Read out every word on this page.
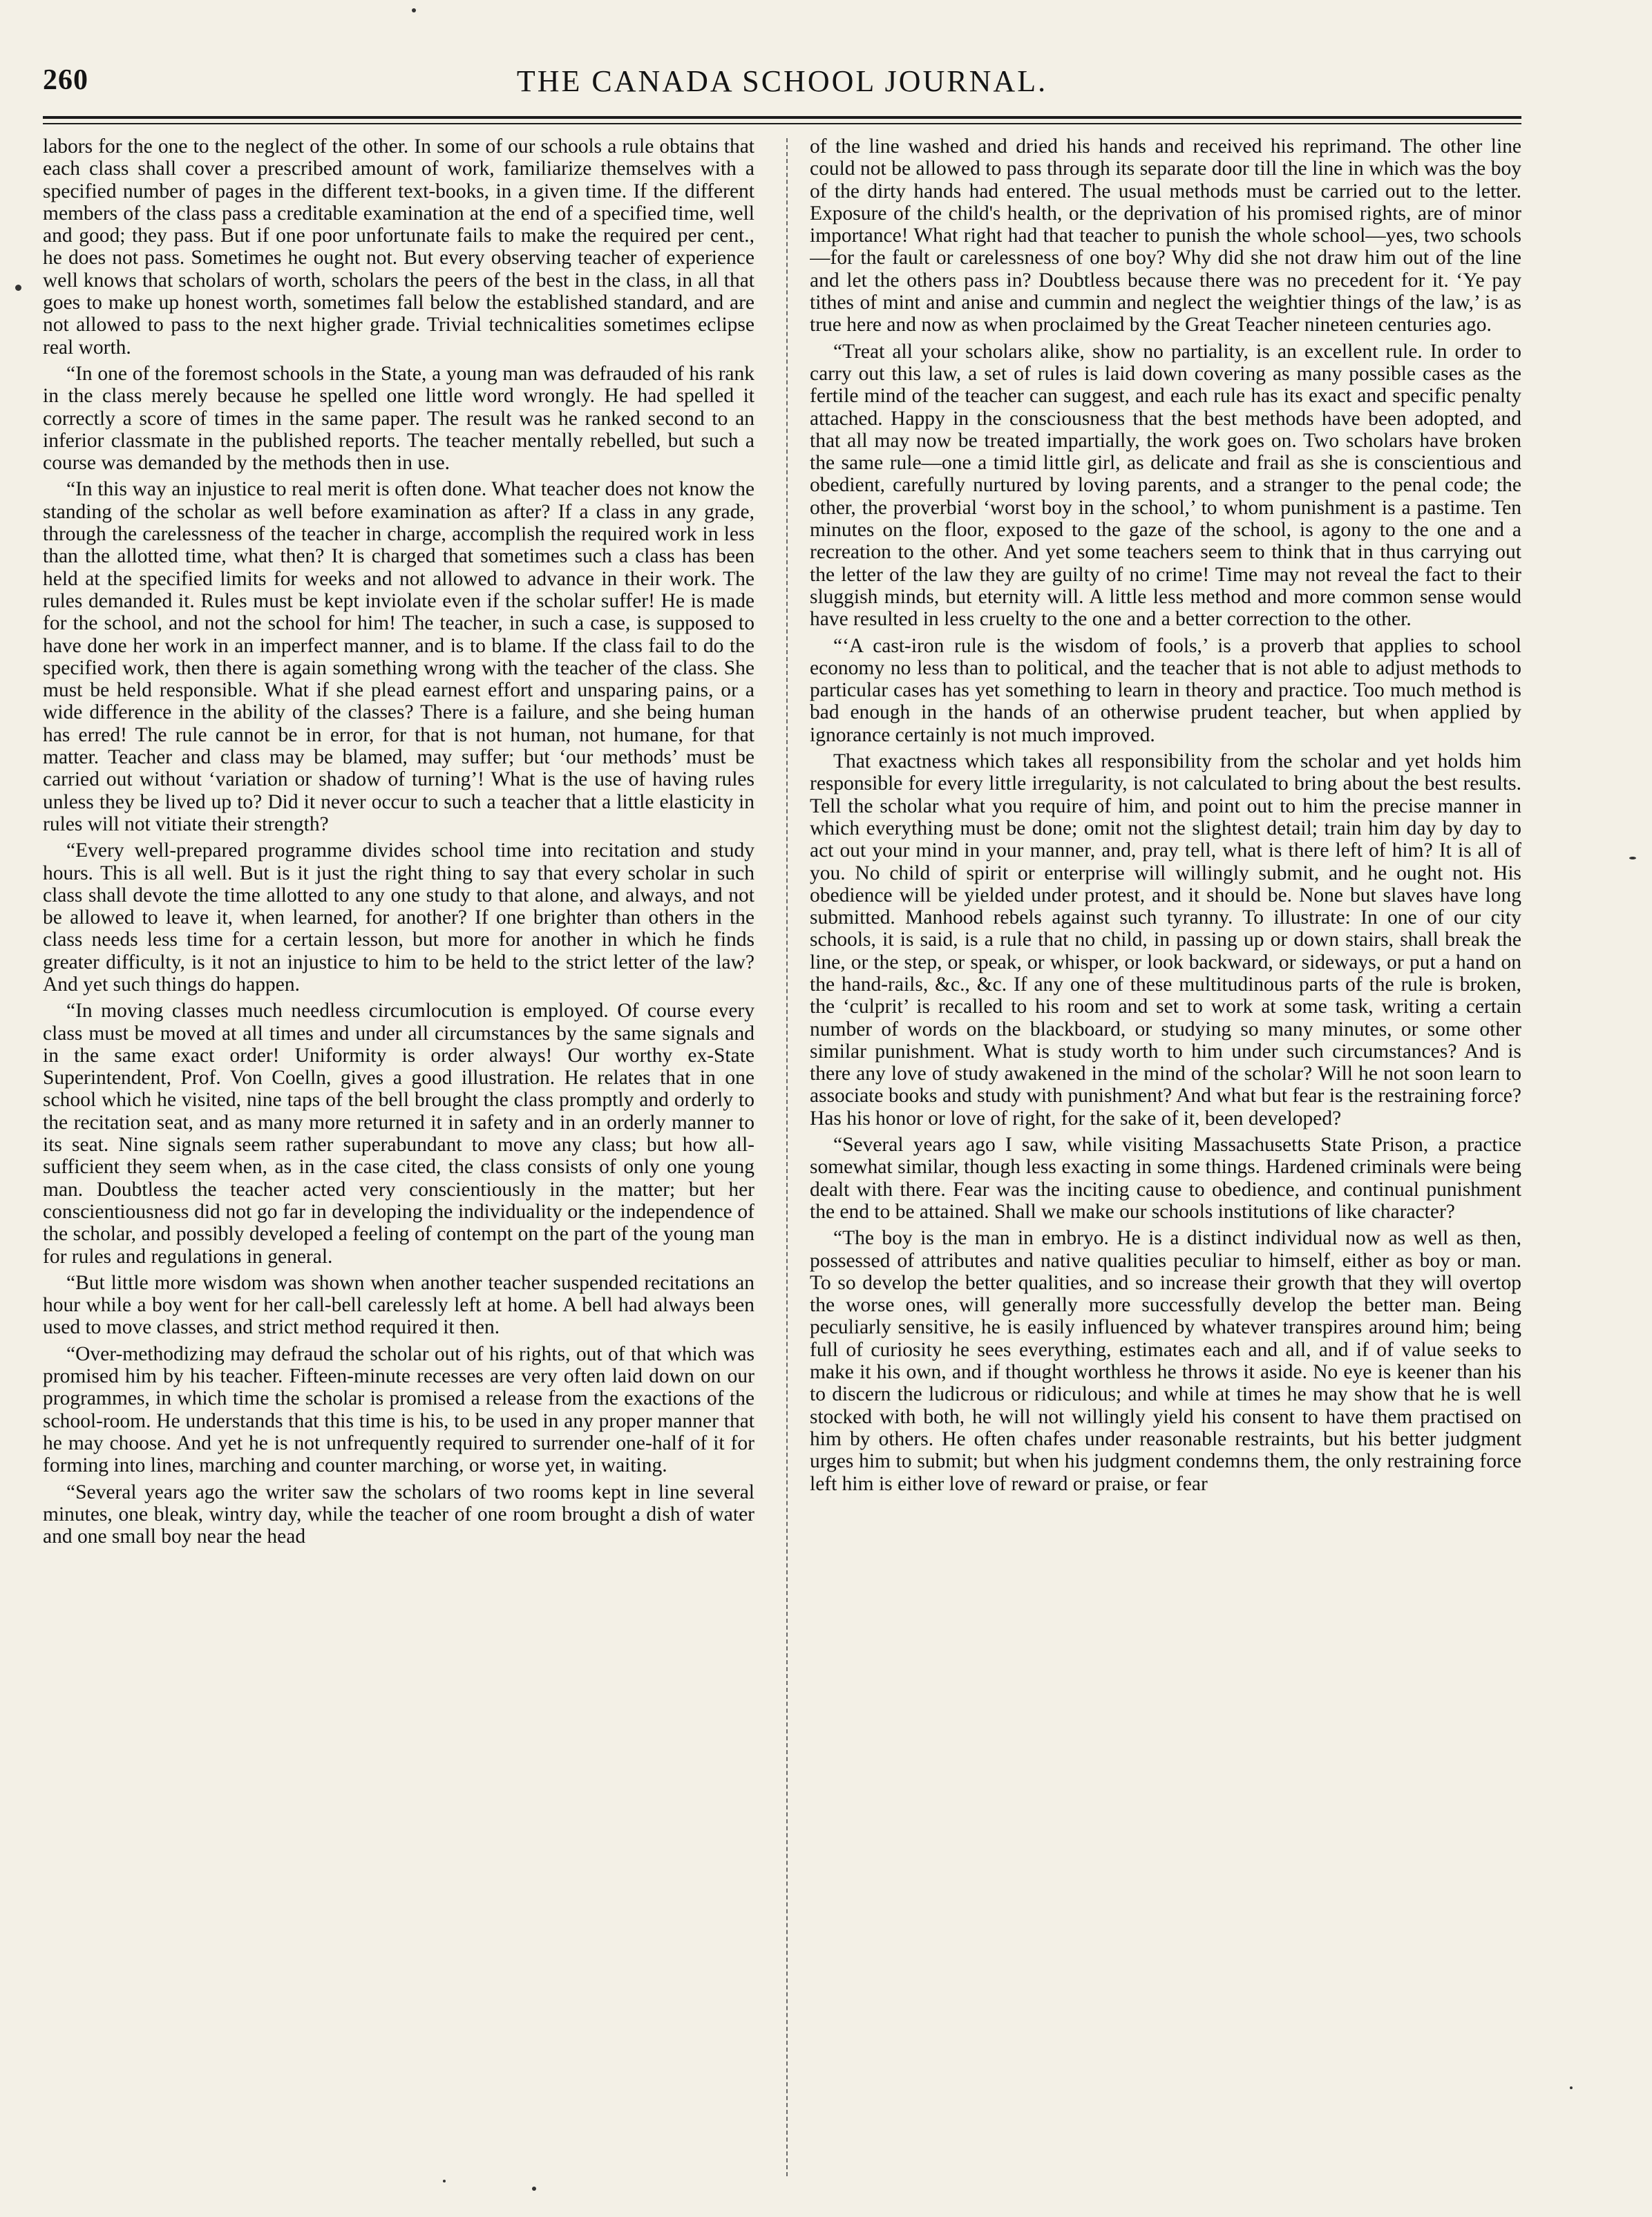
260	THE CANADA SCHOOL JOURNAL.

labors for the one to the neglect of the other. In some of our schools a rule obtains that each class shall cover a prescribed amount of work, familiarize themselves with a specified number of pages in the different text-books, in a given time. If the different members of the class pass a creditable examination at the end of a specified time, well and good; they pass. But if one poor unfortunate fails to make the required per cent., he does not pass. Sometimes he ought not. But every observing teacher of experience well knows that scholars of worth, scholars the peers of the best in the class, in all that goes to make up honest worth, sometimes fall below the established standard, and are not allowed to pass to the next higher grade. Trivial technicalities sometimes eclipse real worth.

“In one of the foremost schools in the State, a young man was defrauded of his rank in the class merely because he spelled one little word wrongly. He had spelled it correctly a score of times in the same paper. The result was he ranked second to an inferior classmate in the published reports. The teacher mentally rebelled, but such a course was demanded by the methods then in use.

“In this way an injustice to real merit is often done. What teacher does not know the standing of the scholar as well before examination as after? If a class in any grade, through the carelessness of the teacher in charge, accomplish the required work in less than the allotted time, what then? It is charged that sometimes such a class has been held at the specified limits for weeks and not allowed to advance in their work. The rules demanded it. Rules must be kept inviolate even if the scholar suffer! He is made for the school, and not the school for him! The teacher, in such a case, is supposed to have done her work in an imperfect manner, and is to blame. If the class fail to do the specified work, then there is again something wrong with the teacher of the class. She must be held responsible. What if she plead earnest effort and unsparing pains, or a wide difference in the ability of the classes? There is a failure, and she being human has erred! The rule cannot be in error, for that is not human, not humane, for that matter. Teacher and class may be blamed, may suffer; but ‘our methods’ must be carried out without ‘variation or shadow of turning’! What is the use of having rules unless they be lived up to? Did it never occur to such a teacher that a little elasticity in rules will not vitiate their strength?

“Every well-prepared programme divides school time into recitation and study hours. This is all well. But is it just the right thing to say that every scholar in such class shall devote the time allotted to any one study to that alone, and always, and not be allowed to leave it, when learned, for another? If one brighter than others in the class needs less time for a certain lesson, but more for another in which he finds greater difficulty, is it not an injustice to him to be held to the strict letter of the law? And yet such things do happen.

“In moving classes much needless circumlocution is employed. Of course every class must be moved at all times and under all circumstances by the same signals and in the same exact order! Uniformity is order always! Our worthy ex-State Superintendent, Prof. Von Coelln, gives a good illustration. He relates that in one school which he visited, nine taps of the bell brought the class promptly and orderly to the recitation seat, and as many more returned it in safety and in an orderly manner to its seat. Nine signals seem rather superabundant to move any class; but how all-sufficient they seem when, as in the case cited, the class consists of only one young man. Doubtless the teacher acted very conscientiously in the matter; but her conscientiousness did not go far in developing the individuality or the independence of the scholar, and possibly developed a feeling of contempt on the part of the young man for rules and regulations in general.

“But little more wisdom was shown when another teacher suspended recitations an hour while a boy went for her call-bell carelessly left at home. A bell had always been used to move classes, and strict method required it then.

“Over-methodizing may defraud the scholar out of his rights, out of that which was promised him by his teacher. Fifteen-minute recesses are very often laid down on our programmes, in which time the scholar is promised a release from the exactions of the school-room. He understands that this time is his, to be used in any proper manner that he may choose. And yet he is not unfrequently required to surrender one-half of it for forming into lines, marching and counter marching, or worse yet, in waiting.

“Several years ago the writer saw the scholars of two rooms kept in line several minutes, one bleak, wintry day, while the teacher of one room brought a dish of water and one small boy near the head

of the line washed and dried his hands and received his reprimand. The other line could not be allowed to pass through its separate door till the line in which was the boy of the dirty hands had entered. The usual methods must be carried out to the letter. Exposure of the child's health, or the deprivation of his promised rights, are of minor importance! What right had that teacher to punish the whole school—yes, two schools—for the fault or carelessness of one boy? Why did she not draw him out of the line and let the others pass in? Doubtless because there was no precedent for it. ‘Ye pay tithes of mint and anise and cummin and neglect the weightier things of the law,’ is as true here and now as when proclaimed by the Great Teacher nineteen centuries ago.

“Treat all your scholars alike, show no partiality, is an excellent rule. In order to carry out this law, a set of rules is laid down covering as many possible cases as the fertile mind of the teacher can suggest, and each rule has its exact and specific penalty attached. Happy in the consciousness that the best methods have been adopted, and that all may now be treated impartially, the work goes on. Two scholars have broken the same rule—one a timid little girl, as delicate and frail as she is conscientious and obedient, carefully nurtured by loving parents, and a stranger to the penal code; the other, the proverbial ‘worst boy in the school,’ to whom punishment is a pastime. Ten minutes on the floor, exposed to the gaze of the school, is agony to the one and a recreation to the other. And yet some teachers seem to think that in thus carrying out the letter of the law they are guilty of no crime! Time may not reveal the fact to their sluggish minds, but eternity will. A little less method and more common sense would have resulted in less cruelty to the one and a better correction to the other.

“‘A cast-iron rule is the wisdom of fools,’ is a proverb that applies to school economy no less than to political, and the teacher that is not able to adjust methods to particular cases has yet something to learn in theory and practice. Too much method is bad enough in the hands of an otherwise prudent teacher, but when applied by ignorance certainly is not much improved.

That exactness which takes all responsibility from the scholar and yet holds him responsible for every little irregularity, is not calculated to bring about the best results. Tell the scholar what you require of him, and point out to him the precise manner in which everything must be done; omit not the slightest detail; train him day by day to act out your mind in your manner, and, pray tell, what is there left of him? It is all of you. No child of spirit or enterprise will willingly submit, and he ought not. His obedience will be yielded under protest, and it should be. None but slaves have long submitted. Manhood rebels against such tyranny. To illustrate: In one of our city schools, it is said, is a rule that no child, in passing up or down stairs, shall break the line, or the step, or speak, or whisper, or look backward, or sideways, or put a hand on the hand-rails, &c., &c. If any one of these multitudinous parts of the rule is broken, the ‘culprit’ is recalled to his room and set to work at some task, writing a certain number of words on the blackboard, or studying so many minutes, or some other similar punishment. What is study worth to him under such circumstances? And is there any love of study awakened in the mind of the scholar? Will he not soon learn to associate books and study with punishment? And what but fear is the restraining force? Has his honor or love of right, for the sake of it, been developed?

“Several years ago I saw, while visiting Massachusetts State Prison, a practice somewhat similar, though less exacting in some things. Hardened criminals were being dealt with there. Fear was the inciting cause to obedience, and continual punishment the end to be attained. Shall we make our schools institutions of like character?

“The boy is the man in embryo. He is a distinct individual now as well as then, possessed of attributes and native qualities peculiar to himself, either as boy or man. To so develop the better qualities, and so increase their growth that they will overtop the worse ones, will generally more successfully develop the better man. Being peculiarly sensitive, he is easily influenced by whatever transpires around him; being full of curiosity he sees everything, estimates each and all, and if of value seeks to make it his own, and if thought worthless he throws it aside. No eye is keener than his to discern the ludicrous or ridiculous; and while at times he may show that he is well stocked with both, he will not willingly yield his consent to have them practised on him by others. He often chafes under reasonable restraints, but his better judgment urges him to submit; but when his judgment condemns them, the only restraining force left him is either love of reward or praise, or fear
